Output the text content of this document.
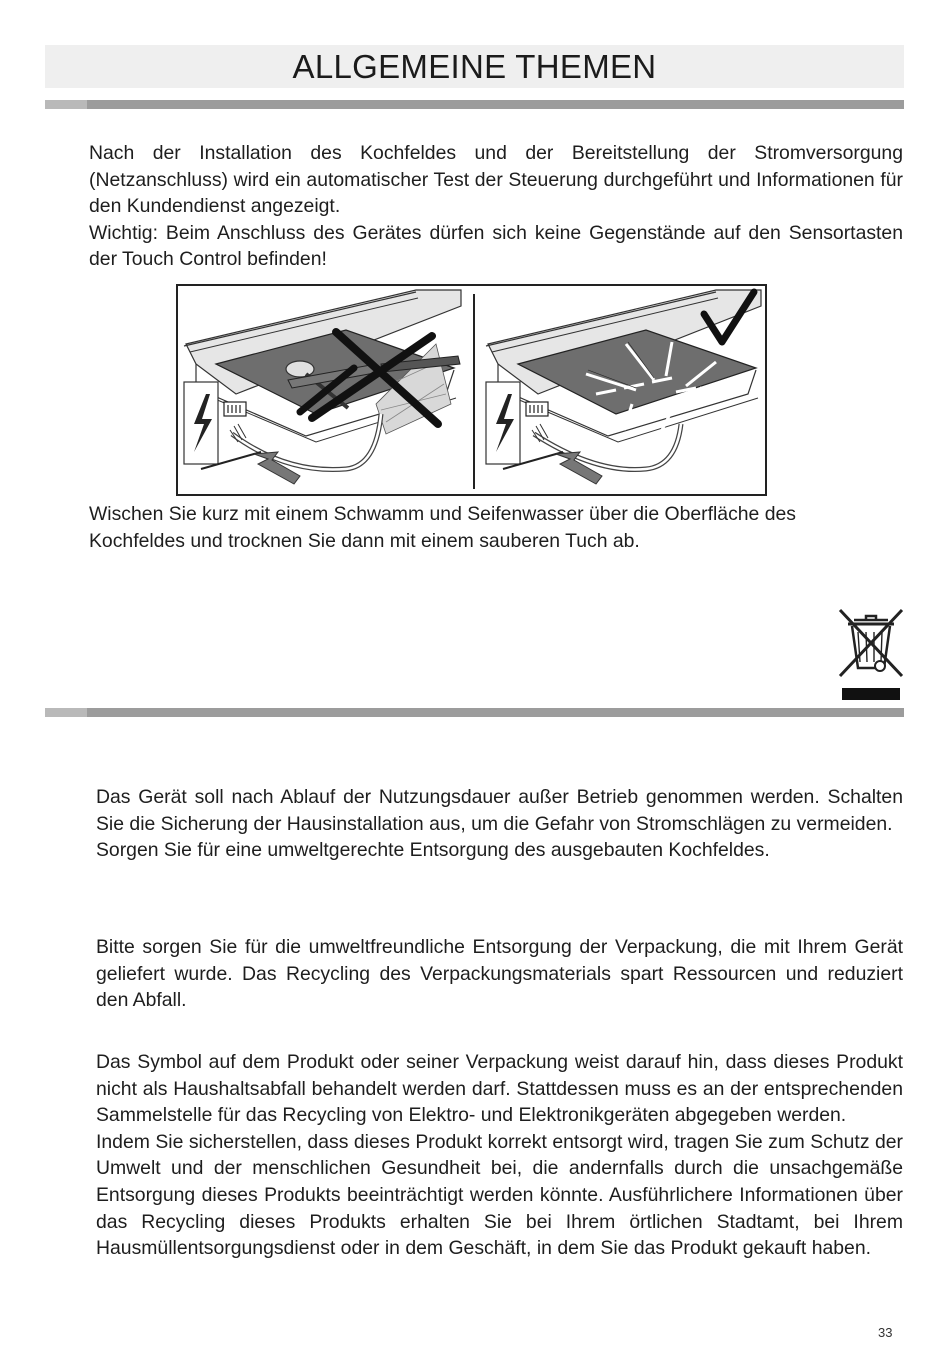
ALLGEMEINE THEMEN

Nach der Installation des Kochfeldes und der Bereitstellung der Stromversorgung (Netzanschluss) wird ein automatischer Test der Steuerung durchgeführt und Informationen für den Kundendienst angezeigt.

Wichtig: Beim Anschluss des Gerätes dürfen sich keine Gegenstände auf den Sensortasten der Touch Control befinden!

Wischen Sie kurz mit einem Schwamm und Seifenwasser über die Oberfläche des Kochfeldes und trocknen Sie dann mit einem sauberen Tuch ab.

Das Gerät soll nach Ablauf der Nutzungsdauer außer Betrieb genommen werden. Schalten Sie die Sicherung der Hausinstallation aus, um die Gefahr von Stromschlägen zu vermeiden.

Sorgen Sie für eine umweltgerechte Entsorgung des ausgebauten Kochfeldes.

Bitte sorgen Sie für die umweltfreundliche Entsorgung der Verpackung, die mit Ihrem Gerät geliefert wurde. Das Recycling des Verpackungsmaterials spart Ressourcen und reduziert den Abfall.

Das Symbol auf dem Produkt oder seiner Verpackung weist darauf hin, dass dieses Produkt nicht als Haushaltsabfall behandelt werden darf. Stattdessen muss es an der entsprechenden Sammelstelle für das Recycling von Elektro- und Elektronikgeräten abgegeben werden.

Indem Sie sicherstellen, dass dieses Produkt korrekt entsorgt wird, tragen Sie zum Schutz der Umwelt und der menschlichen Gesundheit bei, die andernfalls durch die unsachgemäße Entsorgung dieses Produkts beeinträchtigt werden könnte. Ausführlichere Informationen über das Recycling dieses Produkts erhalten Sie bei Ihrem örtlichen Stadtamt, bei Ihrem Hausmüllentsorgungsdienst oder in dem Geschäft, in dem Sie das Produkt gekauft haben.

33
